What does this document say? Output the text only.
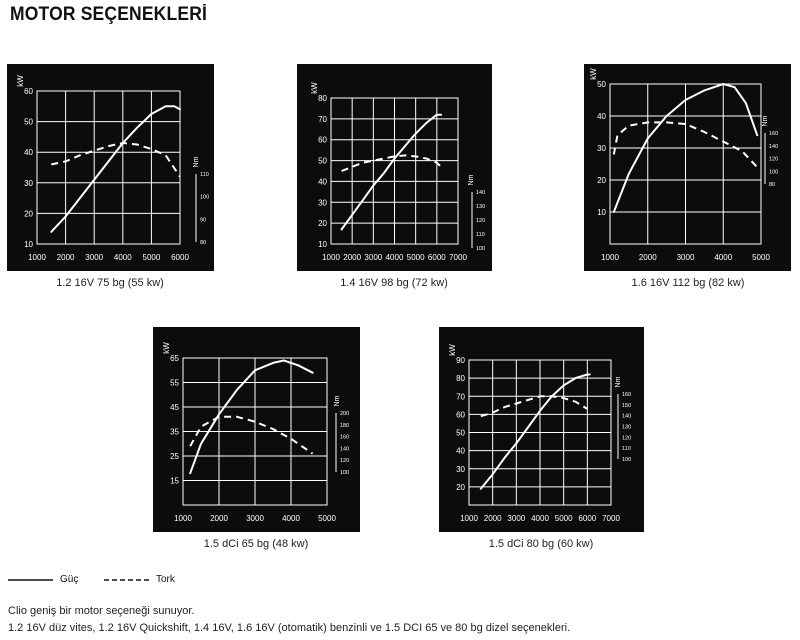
MOTOR SEÇENEKLERİ
1000 2000 3000 4000 5000 6000
10
20
30
40
50
60
kW
80
90
100
110
Nm
1.2 16V 75 bg (55 kw)
1000 2000 3000 4000 5000 6000 7000
10
20
30
40
50
60
70
80
kW
100
110
120
130
140
Nm
1.4 16V 98 bg (72 kw)
1000 2000 3000 4000 5000
10
20
30
40
50
kW
80
100
120
140
160
Nm
1.6 16V 112 bg (82 kw)
1000 2000 3000 4000 5000
15
25
35
45
55
65
kW
100
120
140
160
180
200
Nm
1.5 dCi 65 bg (48 kw)
1000 2000 3000 4000 5000 6000 7000
20
30
40
50
60
70
80
90
kW
100
110
120
130
140
150
160
Nm
1.5 dCi 80 bg (60 kw)
Güç	Tork
Clio geniş bir motor seçeneği sunuyor.
1.2 16V düz vites, 1.2 16V Quickshift, 1.4 16V, 1.6 16V (otomatik) benzinli ve 1.5 DCI 65 ve 80 bg dizel seçenekleri.
